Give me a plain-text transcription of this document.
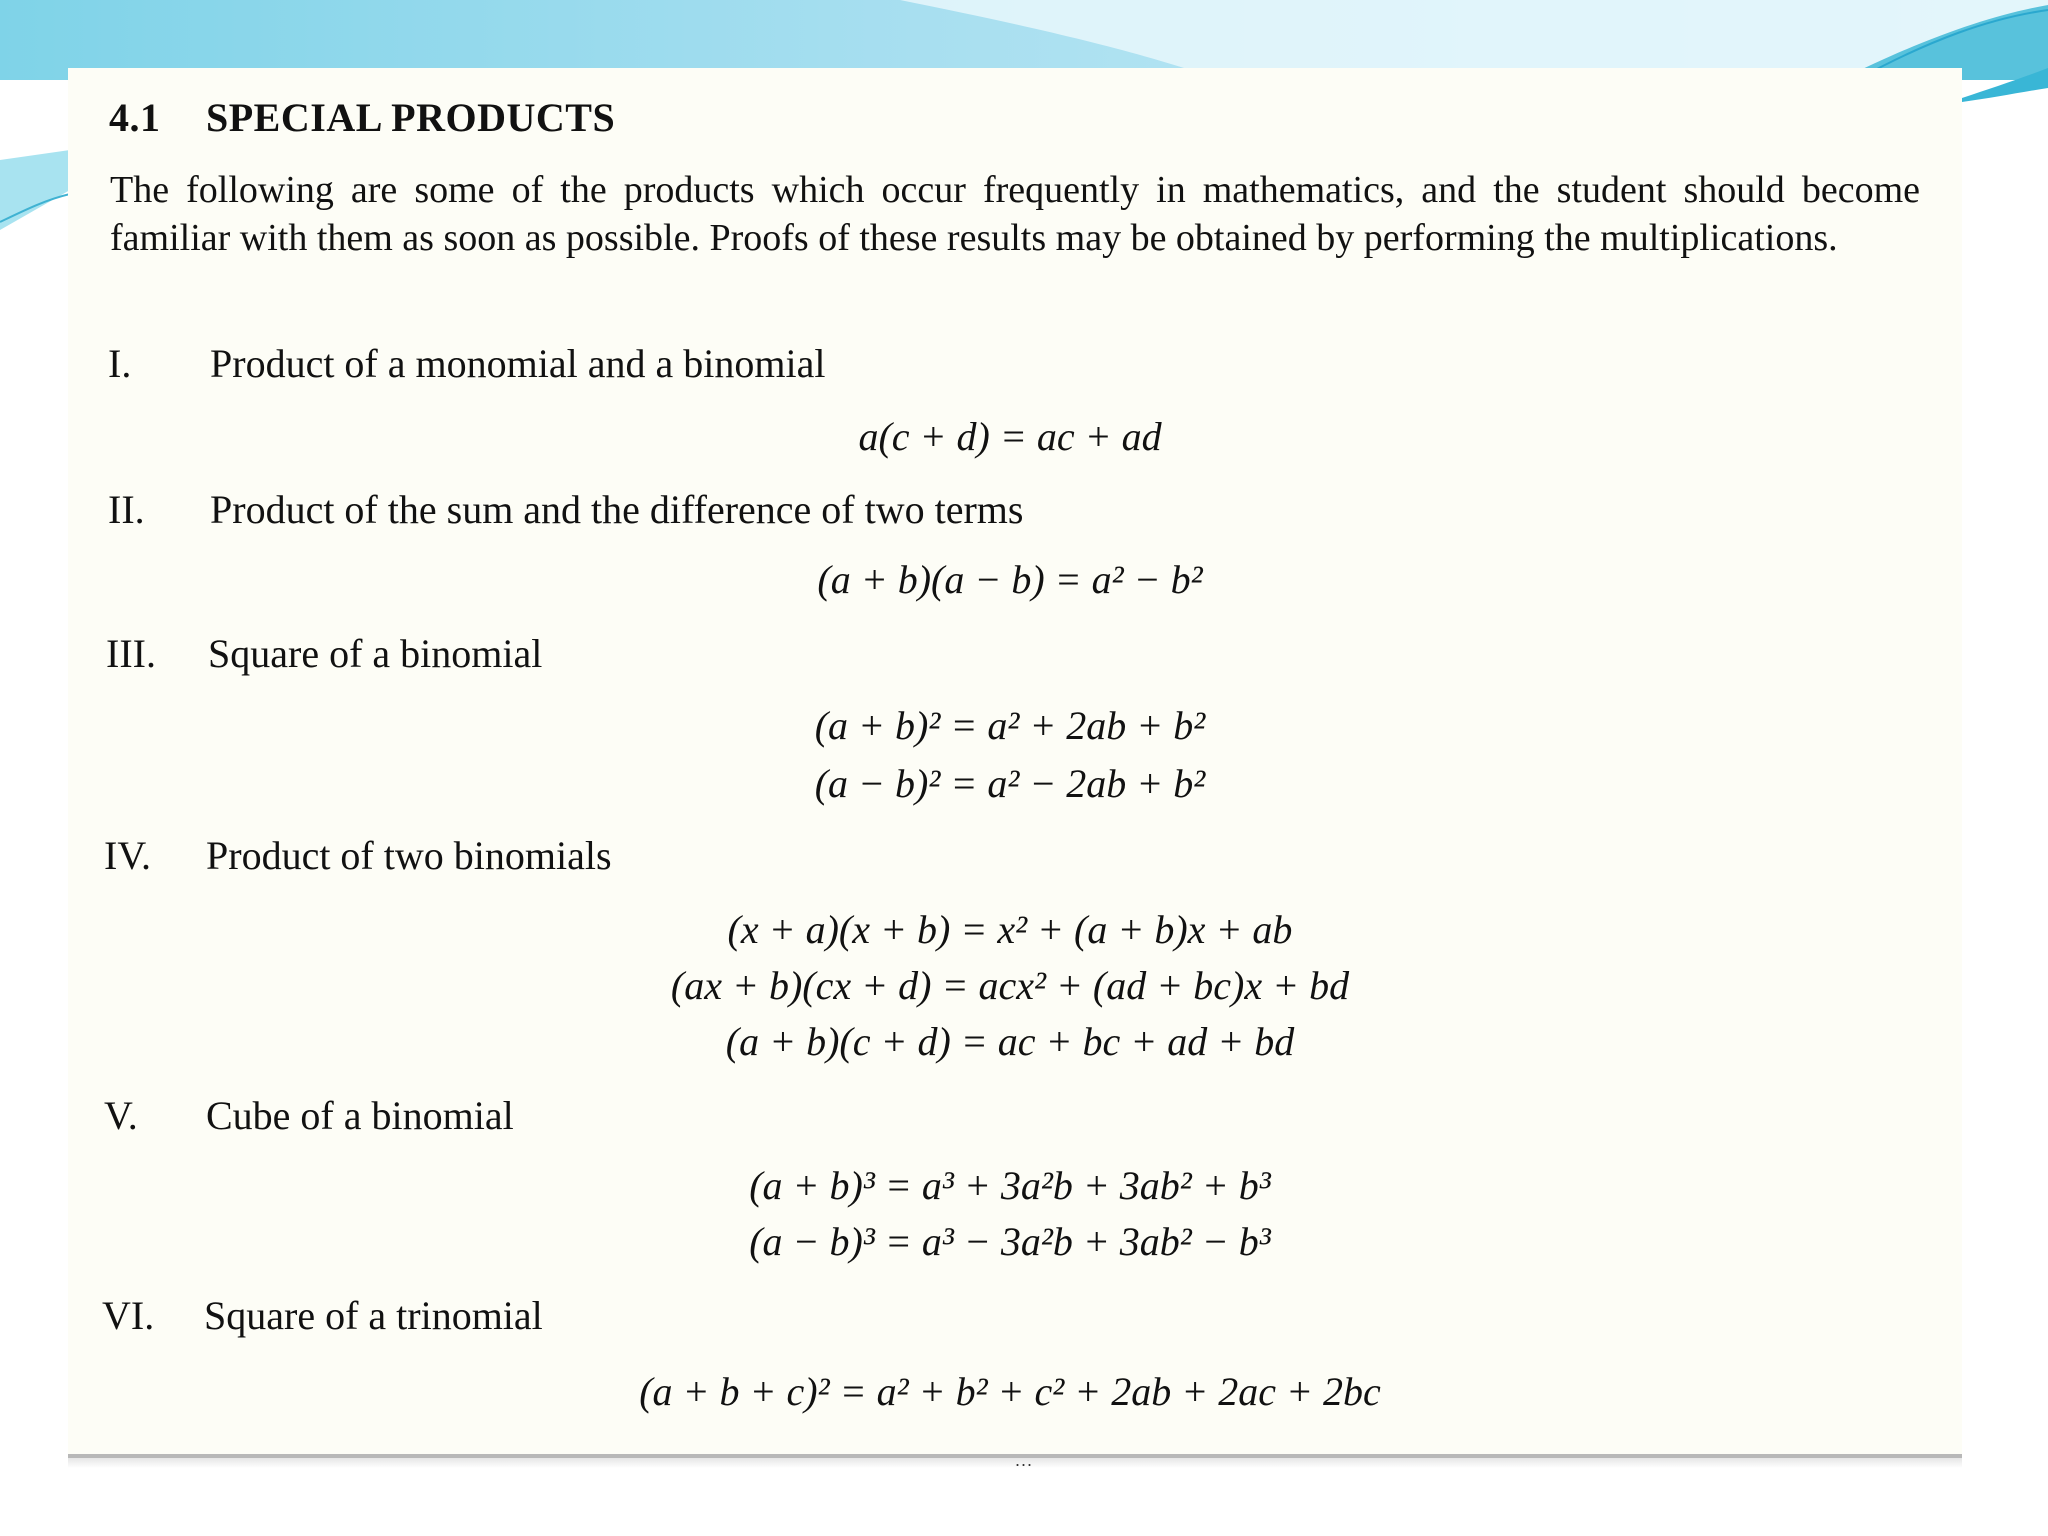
4.1 SPECIAL PRODUCTS
The following are some of the products which occur frequently in mathematics, and the student should become familiar with them as soon as possible. Proofs of these results may be obtained by performing the multiplications.
I. Product of a monomial and a binomial
a(c + d) = ac + ad
II. Product of the sum and the difference of two terms
(a + b)(a − b) = a² − b²
III. Square of a binomial
(a + b)² = a² + 2ab + b²
(a − b)² = a² − 2ab + b²
IV. Product of two binomials
(x + a)(x + b) = x² + (a + b)x + ab
(ax + b)(cx + d) = acx² + (ad + bc)x + bd
(a + b)(c + d) = ac + bc + ad + bd
V. Cube of a binomial
(a + b)³ = a³ + 3a²b + 3ab² + b³
(a − b)³ = a³ − 3a²b + 3ab² − b³
VI. Square of a trinomial
(a + b + c)² = a² + b² + c² + 2ab + 2ac + 2bc
...
